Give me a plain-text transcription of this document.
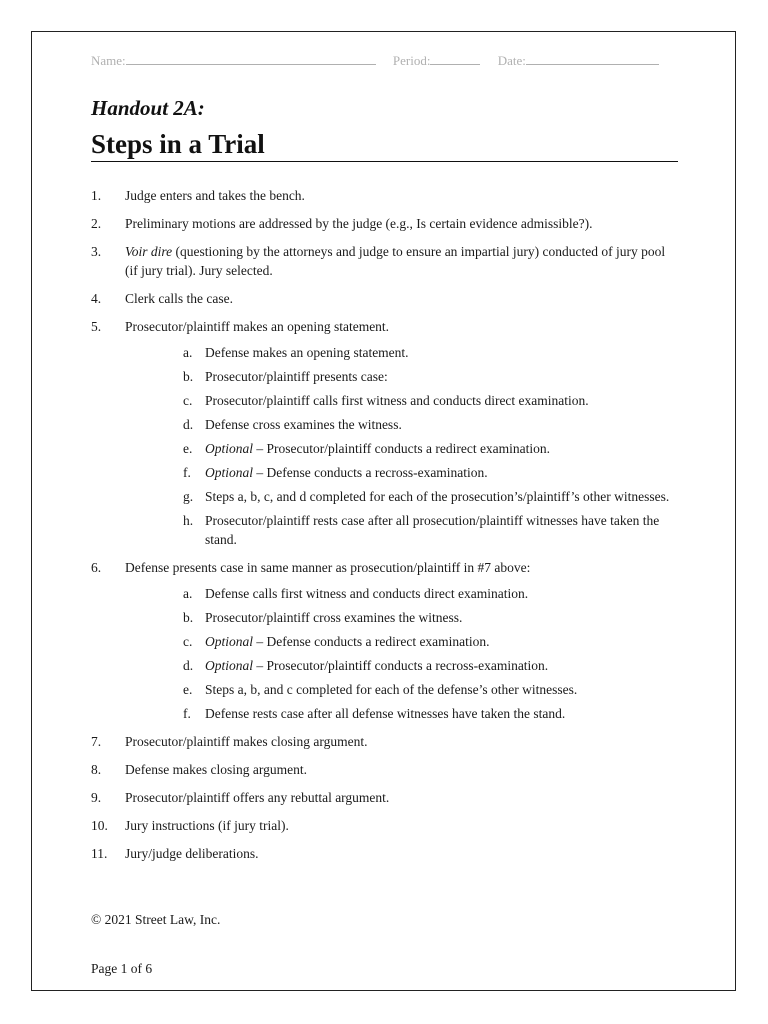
Name:	Period:	Date:
Handout 2A:
Steps in a Trial
1. Judge enters and takes the bench.
2. Preliminary motions are addressed by the judge (e.g., Is certain evidence admissible?).
3. Voir dire (questioning by the attorneys and judge to ensure an impartial jury) conducted of jury pool (if jury trial). Jury selected.
4. Clerk calls the case.
5. Prosecutor/plaintiff makes an opening statement.
a. Defense makes an opening statement.
b. Prosecutor/plaintiff presents case:
c. Prosecutor/plaintiff calls first witness and conducts direct examination.
d. Defense cross examines the witness.
e. Optional – Prosecutor/plaintiff conducts a redirect examination.
f. Optional – Defense conducts a recross-examination.
g. Steps a, b, c, and d completed for each of the prosecution’s/plaintiff’s other witnesses.
h. Prosecutor/plaintiff rests case after all prosecution/plaintiff witnesses have taken the stand.
6. Defense presents case in same manner as prosecution/plaintiff in #7 above:
a. Defense calls first witness and conducts direct examination.
b. Prosecutor/plaintiff cross examines the witness.
c. Optional – Defense conducts a redirect examination.
d. Optional – Prosecutor/plaintiff conducts a recross-examination.
e. Steps a, b, and c completed for each of the defense’s other witnesses.
f. Defense rests case after all defense witnesses have taken the stand.
7. Prosecutor/plaintiff makes closing argument.
8. Defense makes closing argument.
9. Prosecutor/plaintiff offers any rebuttal argument.
10. Jury instructions (if jury trial).
11. Jury/judge deliberations.
© 2021 Street Law, Inc.
Page 1 of 6
